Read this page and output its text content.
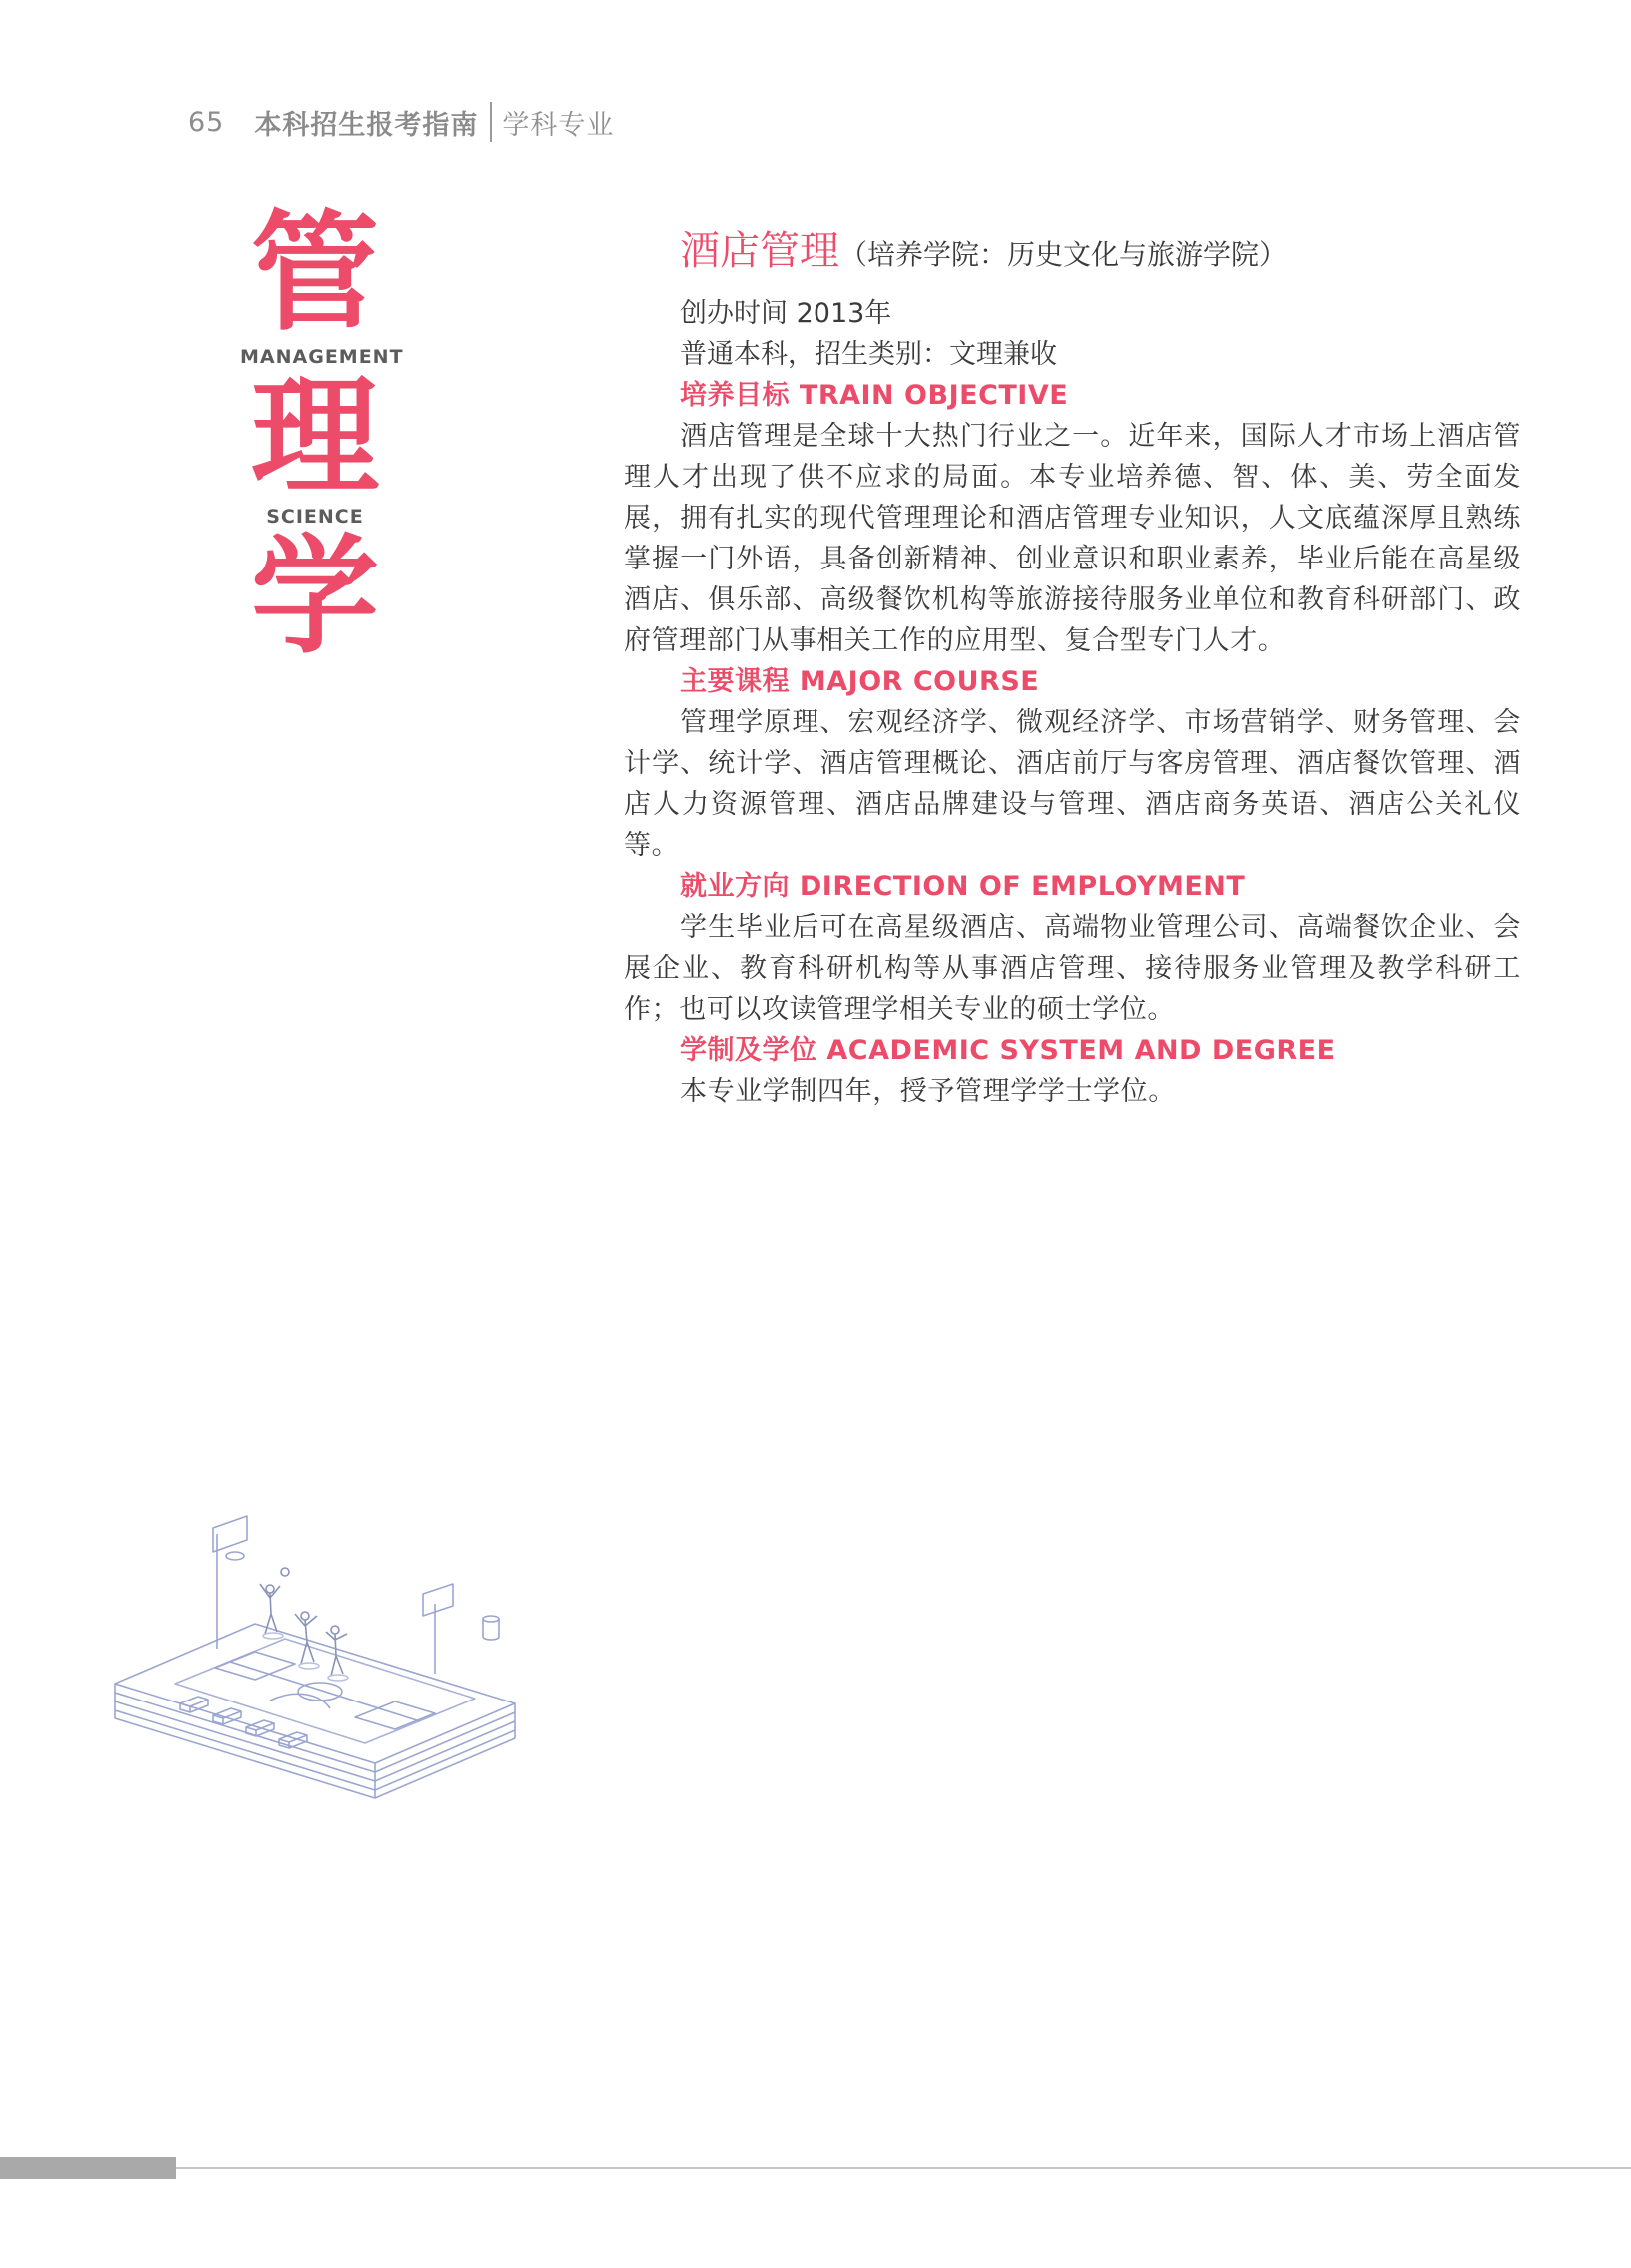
65 本科招生报考指南 学科专业
管
MANAGEMENT
理
SCIENCE
学
酒店管理（培养学院：历史文化与旅游学院）
创办时间 2013年
普通本科，招生类别：文理兼收
培养目标 TRAIN OBJECTIVE

酒店管理是全球十大热门行业之一。近年来，国际人才市场上酒店管理人才出现了供不应求的局面。本专业培养德、智、体、美、劳全面发展，拥有扎实的现代管理理论和酒店管理专业知识，人文底蕴深厚且熟练掌握一门外语，具备创新精神、创业意识和职业素养，毕业后能在高星级酒店、俱乐部、高级餐饮机构等旅游接待服务业单位和教育科研部门、政府管理部门从事相关工作的应用型、复合型专门人才。

主要课程 MAJOR COURSE

管理学原理、宏观经济学、微观经济学、市场营销学、财务管理、会计学、统计学、酒店管理概论、酒店前厅与客房管理、酒店餐饮管理、酒店人力资源管理、酒店品牌建设与管理、酒店商务英语、酒店公关礼仪等。

就业方向 DIRECTION OF EMPLOYMENT

学生毕业后可在高星级酒店、高端物业管理公司、高端餐饮企业、会展企业、教育科研机构等从事酒店管理、接待服务业管理及教学科研工作；也可以攻读管理学相关专业的硕士学位。

学制及学位 ACADEMIC SYSTEM AND DEGREE

本专业学制四年，授予管理学学士学位。
